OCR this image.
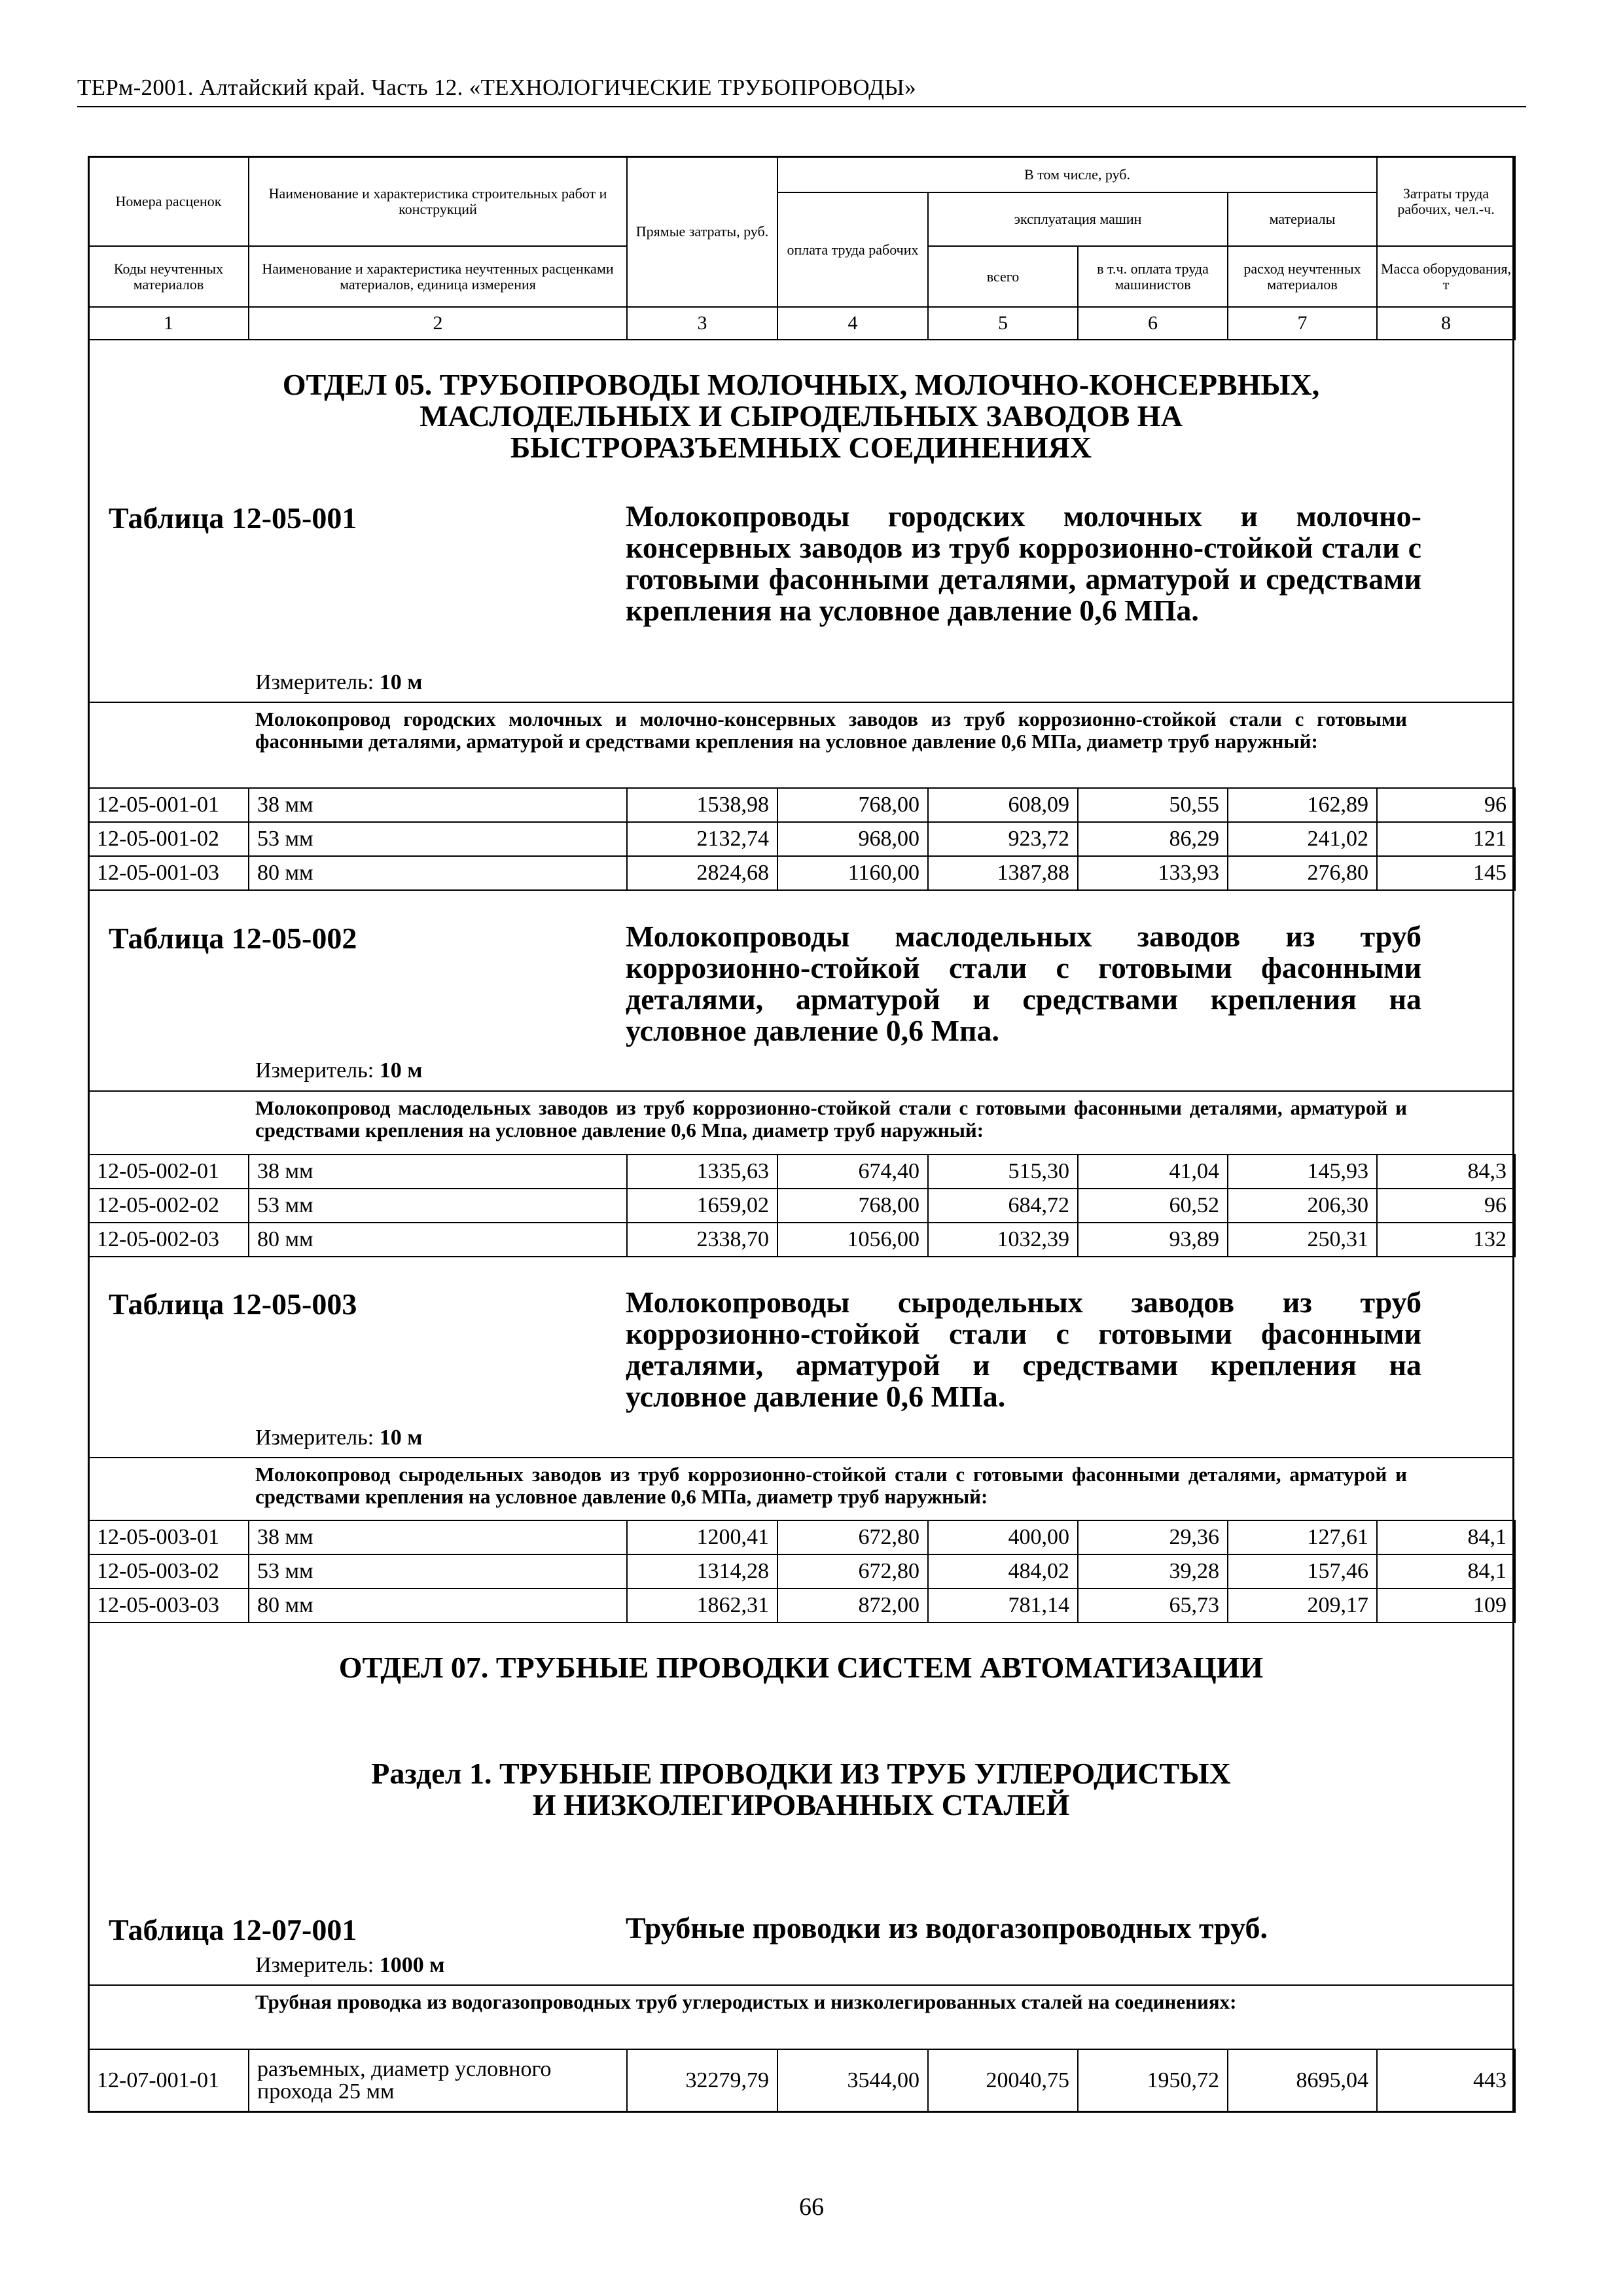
ТЕРм-2001. Алтайский край. Часть 12. «ТЕХНОЛОГИЧЕСКИЕ ТРУБОПРОВОДЫ»
Номера расценок	Наименование и характеристика строительных работ и конструкций	Прямые затраты, руб.	В том числе, руб.				Затраты труда рабочих, чел.-ч.
			оплата труда рабочих	эксплуатация машин		материалы	
Коды неучтенных материалов	Наименование и характеристика неучтенных расценками материалов, единица измерения			всего	в т.ч. оплата труда машинистов	расход неучтенных материалов	Масса оборудования, т
1	2	3	4	5	6	7	8
ОТДЕЛ 05. ТРУБОПРОВОДЫ МОЛОЧНЫХ, МОЛОЧНО-КОНСЕРВНЫХ, МАСЛОДЕЛЬНЫХ И СЫРОДЕЛЬНЫХ ЗАВОДОВ НА БЫСТРОРАЗЪЕМНЫХ СОЕДИНЕНИЯХ
Таблица 12-05-001	Молокопроводы городских молочных и молочно-консервных заводов из труб коррозионно-стойкой стали с готовыми фасонными деталями, арматурой и средствами крепления на условное давление 0,6 МПа.
Измеритель: 10 м
Молокопровод городских молочных и молочно-консервных заводов из труб коррозионно-стойкой стали с готовыми фасонными деталями, арматурой и средствами крепления на условное давление 0,6 МПа, диаметр труб наружный:
12-05-001-01	38 мм	1538,98	768,00	608,09	50,55	162,89	96
12-05-001-02	53 мм	2132,74	968,00	923,72	86,29	241,02	121
12-05-001-03	80 мм	2824,68	1160,00	1387,88	133,93	276,80	145
Таблица 12-05-002	Молокопроводы маслодельных заводов из труб коррозионно-стойкой стали с готовыми фасонными деталями, арматурой и средствами крепления на условное давление 0,6 Мпа.
Измеритель: 10 м
Молокопровод маслодельных заводов из труб коррозионно-стойкой стали с готовыми фасонными деталями, арматурой и средствами крепления на условное давление 0,6 Мпа, диаметр труб наружный:
12-05-002-01	38 мм	1335,63	674,40	515,30	41,04	145,93	84,3
12-05-002-02	53 мм	1659,02	768,00	684,72	60,52	206,30	96
12-05-002-03	80 мм	2338,70	1056,00	1032,39	93,89	250,31	132
Таблица 12-05-003	Молокопроводы сыродельных заводов из труб коррозионно-стойкой стали с готовыми фасонными деталями, арматурой и средствами крепления на условное давление 0,6 МПа.
Измеритель: 10 м
Молокопровод сыродельных заводов из труб коррозионно-стойкой стали с готовыми фасонными деталями, арматурой и средствами крепления на условное давление 0,6 МПа, диаметр труб наружный:
12-05-003-01	38 мм	1200,41	672,80	400,00	29,36	127,61	84,1
12-05-003-02	53 мм	1314,28	672,80	484,02	39,28	157,46	84,1
12-05-003-03	80 мм	1862,31	872,00	781,14	65,73	209,17	109
ОТДЕЛ 07. ТРУБНЫЕ ПРОВОДКИ СИСТЕМ АВТОМАТИЗАЦИИ
Раздел 1. ТРУБНЫЕ ПРОВОДКИ ИЗ ТРУБ УГЛЕРОДИСТЫХ И НИЗКОЛЕГИРОВАННЫХ СТАЛЕЙ
Таблица 12-07-001	Трубные проводки из водогазопроводных труб.
Измеритель: 1000 м
Трубная проводка из водогазопроводных труб углеродистых и низколегированных сталей на соединениях:
12-07-001-01	разъемных, диаметр условного прохода 25 мм	32279,79	3544,00	20040,75	1950,72	8695,04	443
66
